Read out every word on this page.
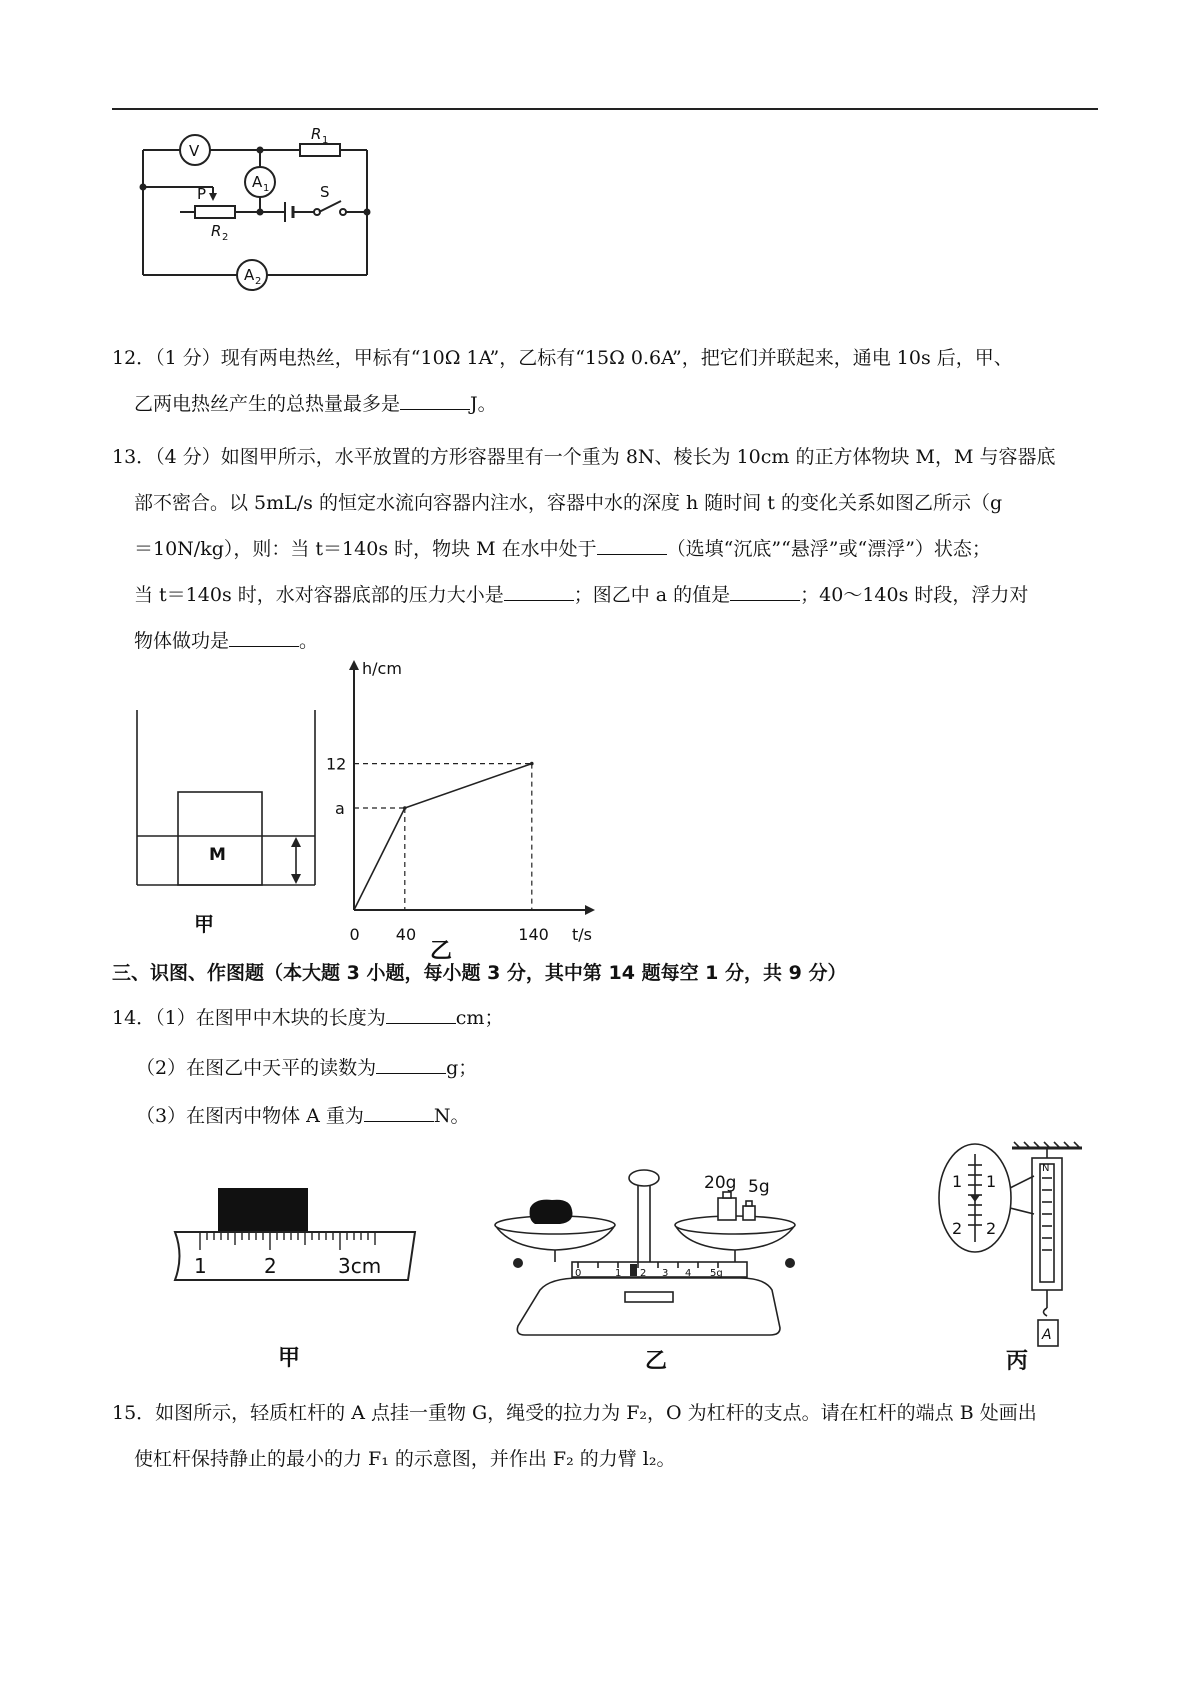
V
A 1
A 2
R 1
R 2
P	S
12．（1 分）现有两电热丝，甲标有“10Ω 1A”，乙标有“15Ω 0.6A”，把它们并联起来，通电 10s 后，甲、
乙两电热丝产生的总热量最多是	J。
13．（4 分）如图甲所示，水平放置的方形容器里有一个重为 8N、棱长为 10cm 的正方体物块 M，M 与容器底
部不密合。以 5mL/s 的恒定水流向容器内注水，容器中水的深度 h 随时间 t 的变化关系如图乙所示（g
＝10N/kg），则：当 t＝140s 时，物块 M 在水中处于	（选填“沉底”“悬浮”或“漂浮”）状态；
当 t＝140s 时，水对容器底部的压力大小是	；图乙中 a 的值是	；40～140s 时段，浮力对
物体做功是	。
M
甲
h/cm
t/s
0 40	140
a
12
乙
三、识图、作图题（本大题 3 小题，每小题 3 分，其中第 14 题每空 1 分，共 9 分）
14．（1）在图甲中木块的长度为	cm；
（2）在图乙中天平的读数为	g；
（3）在图丙中物体 A 重为	N。
1	2	3cm
甲
20g 5g
0	1 2 3 4 5g
乙
1 1
2 2
N
A
丙
15．如图所示，轻质杠杆的 A 点挂一重物 G，绳受的拉力为 F₂，O 为杠杆的支点。请在杠杆的端点 B 处画出
使杠杆保持静止的最小的力 F₁ 的示意图，并作出 F₂ 的力臂 l₂。
